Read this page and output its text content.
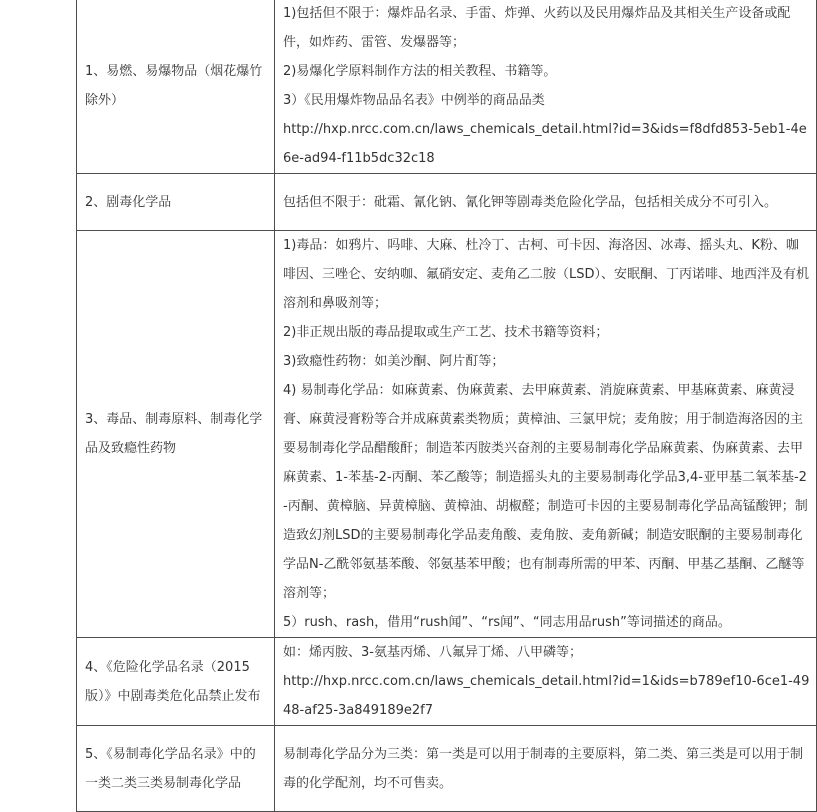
1、易燃、易爆物品（烟花爆竹除外）	1)包括但不限于：爆炸品名录、手雷、炸弹、火药以及民用爆炸品及其相关生产设备或配件，如炸药、雷管、发爆器等；
2)易爆化学原料制作方法的相关教程、书籍等。
3）《民用爆炸物品品名表》中例举的商品品类
http://hxp.nrcc.com.cn/laws_chemicals_detail.html?id=3&ids=f8dfd853-5eb1-4e6e-ad94-f11b5dc32c18

2、剧毒化学品	包括但不限于：砒霜、氰化钠、氰化钾等剧毒类危险化学品，包括相关成分不可引入。

3、毒品、制毒原料、制毒化学品及致瘾性药物	1)毒品：如鸦片、吗啡、大麻、杜冷丁、古柯、可卡因、海洛因、冰毒、摇头丸、K粉、咖啡因、三唑仑、安纳咖、氟硝安定、麦角乙二胺（LSD）、安眠酮、丁丙诺啡、地西泮及有机溶剂和鼻吸剂等；
2)非正规出版的毒品提取或生产工艺、技术书籍等资料；
3)致瘾性药物：如美沙酮、阿片酊等；
4) 易制毒化学品：如麻黄素、伪麻黄素、去甲麻黄素、消旋麻黄素、甲基麻黄素、麻黄浸膏、麻黄浸膏粉等合并成麻黄素类物质；黄樟油、三氯甲烷；麦角胺；用于制造海洛因的主要易制毒化学品醋酸酐；制造苯丙胺类兴奋剂的主要易制毒化学品麻黄素、伪麻黄素、去甲麻黄素、1-苯基-2-丙酮、苯乙酸等；制造摇头丸的主要易制毒化学品3,4-亚甲基二氧苯基-2-丙酮、黄樟脑、异黄樟脑、黄樟油、胡椒醛；制造可卡因的主要易制毒化学品高锰酸钾；制造致幻剂LSD的主要易制毒化学品麦角酸、麦角胺、麦角新碱；制造安眠酮的主要易制毒化学品N-乙酰邻氨基苯酸、邻氨基苯甲酸；也有制毒所需的甲苯、丙酮、甲基乙基酮、乙醚等溶剂等；
5）rush、rash，借用“rush闻”、“rs闻”、“同志用品rush”等词描述的商品。

4、《危险化学品名录（2015版）》中剧毒类危化品禁止发布	如：烯丙胺、3-氨基丙烯、八氟异丁烯、八甲磷等；
http://hxp.nrcc.com.cn/laws_chemicals_detail.html?id=1&ids=b789ef10-6ce1-4948-af25-3a849189e2f7

5、《易制毒化学品名录》中的一类二类三类易制毒化学品	易制毒化学品分为三类：第一类是可以用于制毒的主要原料，第二类、第三类是可以用于制毒的化学配剂，均不可售卖。
